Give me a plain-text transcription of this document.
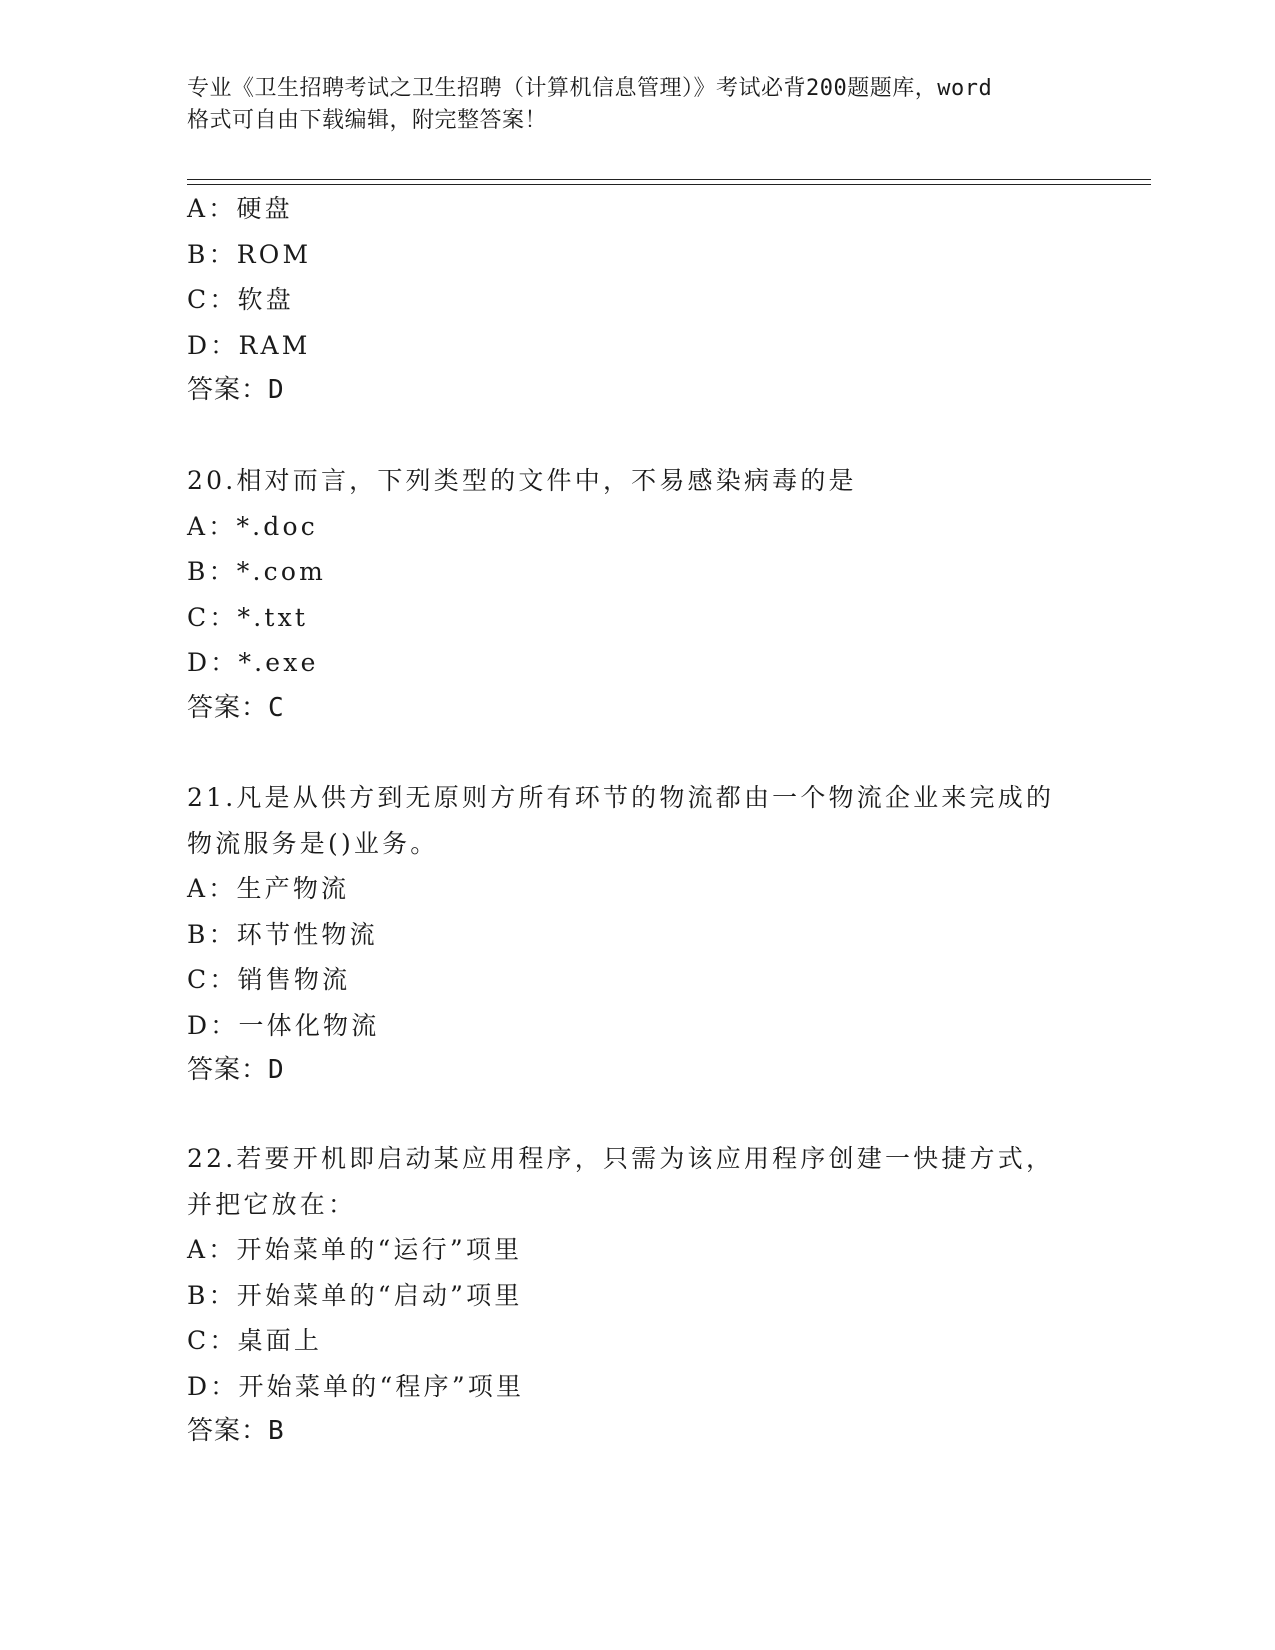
专业《卫生招聘考试之卫生招聘（计算机信息管理）》考试必背200题题库，word
格式可自由下载编辑，附完整答案！
A：硬盘
B：ROM
C：软盘
D：RAM
答案：D
20.相对而言，下列类型的文件中，不易感染病毒的是
A：*.doc
B：*.com
C：*.txt
D：*.exe
答案：C
21.凡是从供方到无原则方所有环节的物流都由一个物流企业来完成的
物流服务是()业务。
A：生产物流
B：环节性物流
C：销售物流
D：一体化物流
答案：D
22.若要开机即启动某应用程序，只需为该应用程序创建一快捷方式，
并把它放在：
A：开始菜单的“运行”项里
B：开始菜单的“启动”项里
C：桌面上
D：开始菜单的“程序”项里
答案：B
